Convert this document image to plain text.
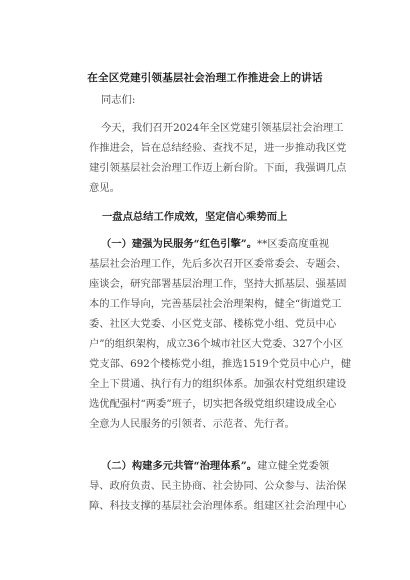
在全区党建引领基层社会治理工作推进会上的讲话
同志们:
今天，我们召开2024年全区党建引领基层社会治理工
作推进会，旨在总结经验、查找不足，进一步推动我区党
建引领基层社会治理工作迈上新台阶。下面，我强调几点
意见。
一盘点总结工作成效，坚定信心乘势而上
（一）建强为民服务“红色引擎”。**区委高度重视
基层社会治理工作，先后多次召开区委常委会、专题会、
座谈会，研究部署基层治理工作，坚持大抓基层、强基固
本的工作导向，完善基层社会治理架构，健全“街道党工
委、社区大党委、小区党支部、楼栋党小组、党员中心
户”的组织架构，成立36个城市社区大党委、327个小区
党支部、692个楼栋党小组，推选1519个党员中心户，健
全上下贯通、执行有力的组织体系。加强农村党组织建设
选优配强村“两委”班子，切实把各级党组织建设成全心
全意为人民服务的引领者、示范者、先行者。
（二）构建多元共管“治理体系”。建立健全党委领
导、政府负责、民主协商、社会协同、公众参与、法治保
障、科技支撑的基层社会治理体系。组建区社会治理中心
